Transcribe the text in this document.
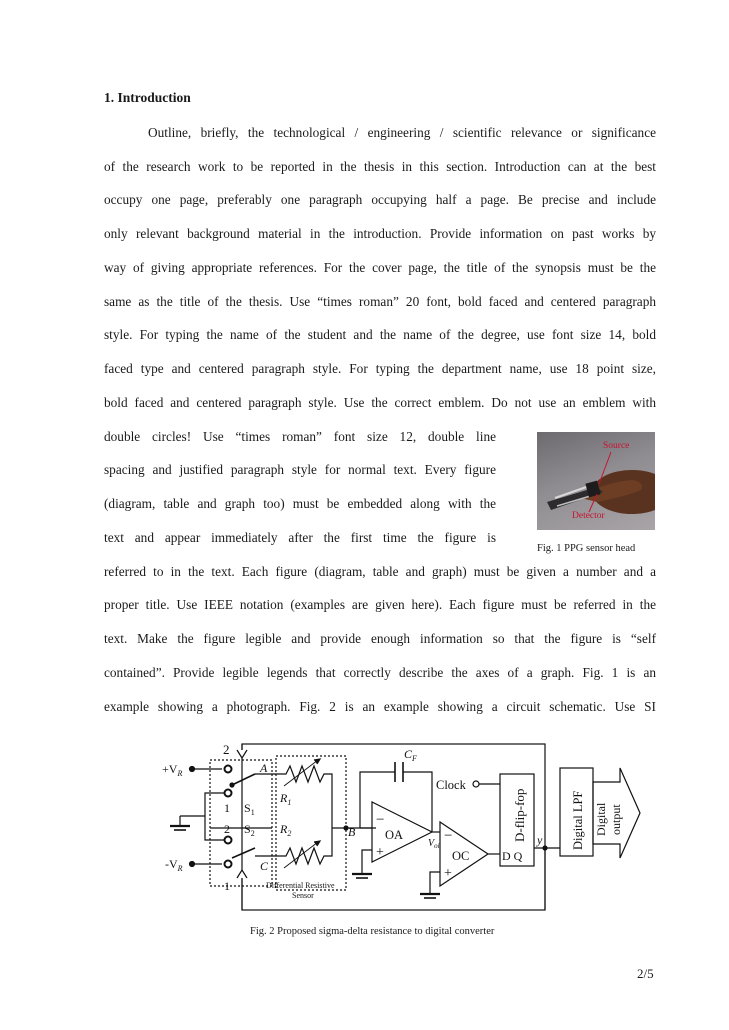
1. Introduction
Outline, briefly, the technological / engineering / scientific relevance or significance
of the research work to be reported in the thesis in this section. Introduction can at the best
occupy one page, preferably one paragraph occupying half a page. Be precise and include
only relevant background material in the introduction. Provide information on past works by
way of giving appropriate references. For the cover page, the title of the synopsis must be the
same as the title of the thesis. Use “times roman” 20 font, bold faced and centered paragraph
style. For typing the name of the student and the name of the degree, use font size 14, bold
faced type and centered paragraph style. For typing the department name, use 18 point size,
bold faced and centered paragraph style. Use the correct emblem. Do not use an emblem with
double circles! Use “times roman” font size 12, double line
spacing and justified paragraph style for normal text. Every figure
(diagram, table and graph too) must be embedded along with the
text and appear immediately after the first time the figure is
referred to in the text. Each figure (diagram, table and graph) must be given a number and a
proper title. Use IEEE notation (examples are given here). Each figure must be referred in the
text. Make the figure legible and provide enough information so that the figure is “self
contained”. Provide legible legends that correctly describe the axes of a graph. Fig. 1 is an
example showing a photograph. Fig. 2 is an example showing a circuit schematic. Use SI
Source
Detector
Fig. 1 PPG sensor head
2
$+V_R$
$-V_R$
A
1 $S_1$
2 $S_2$
$R_1$
$R_2$	B
C
1	Differential Resistive
Sensor
$C_F$
Clock
−
+
OA
$V_{oi}$
−
+
OC	D Q
y
D-flip-fop	Digital LPF Digital output
Fig. 2 Proposed sigma-delta resistance to digital converter
2/5
